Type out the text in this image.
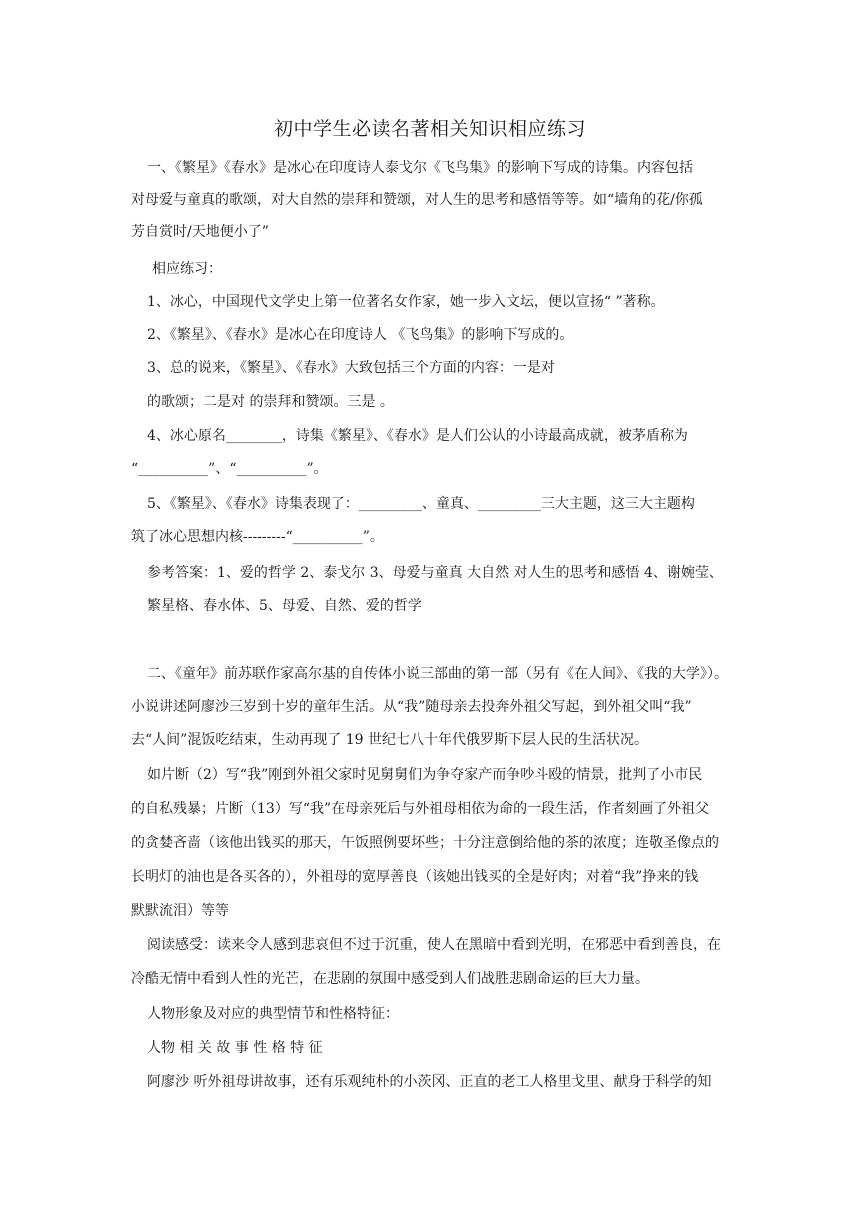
初中学生必读名著相关知识相应练习
一、《繁星》《春水》是冰心在印度诗人泰戈尔《飞鸟集》的影响下写成的诗集。内容包括
对母爱与童真的歌颂，对大自然的崇拜和赞颂，对人生的思考和感悟等等。如“墙角的花/你孤
芳自赏时/天地便小了”
相应练习：
1、冰心，中国现代文学史上第一位著名女作家，她一步入文坛，便以宣扬“ ”著称。
2、《繁星》、《春水》是冰心在印度诗人 《飞鸟集》的影响下写成的。
3、总的说来，《繁星》、《春水》大致包括三个方面的内容：一是对
的歌颂；二是对 的崇拜和赞颂。三是 。
4、冰心原名________，诗集《繁星》、《春水》是人们公认的小诗最高成就，被茅盾称为
“__________”、“__________”。
5、《繁星》、《春水》诗集表现了：_________、童真、_________三大主题，这三大主题构
筑了冰心思想内核---------“__________”。
参考答案：1、爱的哲学 2、泰戈尔 3、母爱与童真 大自然 对人生的思考和感悟 4、谢婉莹、
繁星格、春水体、5、母爱、自然、爱的哲学
二、《童年》前苏联作家高尔基的自传体小说三部曲的第一部（另有《在人间》、《我的大学》）。
小说讲述阿廖沙三岁到十岁的童年生活。从“我”随母亲去投奔外祖父写起，到外祖父叫“我”
去“人间”混饭吃结束，生动再现了 19 世纪七八十年代俄罗斯下层人民的生活状况。
如片断（2）写“我”刚到外祖父家时见舅舅们为争夺家产而争吵斗殴的情景，批判了小市民
的自私残暴；片断（13）写“我”在母亲死后与外祖母相依为命的一段生活，作者刻画了外祖父
的贪婪吝啬（该他出钱买的那天，午饭照例要坏些；十分注意倒给他的茶的浓度；连敬圣像点的
长明灯的油也是各买各的），外祖母的宽厚善良（该她出钱买的全是好肉；对着“我”挣来的钱
默默流泪）等等
阅读感受：读来令人感到悲哀但不过于沉重，使人在黑暗中看到光明，在邪恶中看到善良，在
冷酷无情中看到人性的光芒，在悲剧的氛围中感受到人们战胜悲剧命运的巨大力量。
人物形象及对应的典型情节和性格特征：
人物 相 关 故 事 性 格 特 征
阿廖沙 听外祖母讲故事，还有乐观纯朴的小茨冈、正直的老工人格里戈里、献身于科学的知
